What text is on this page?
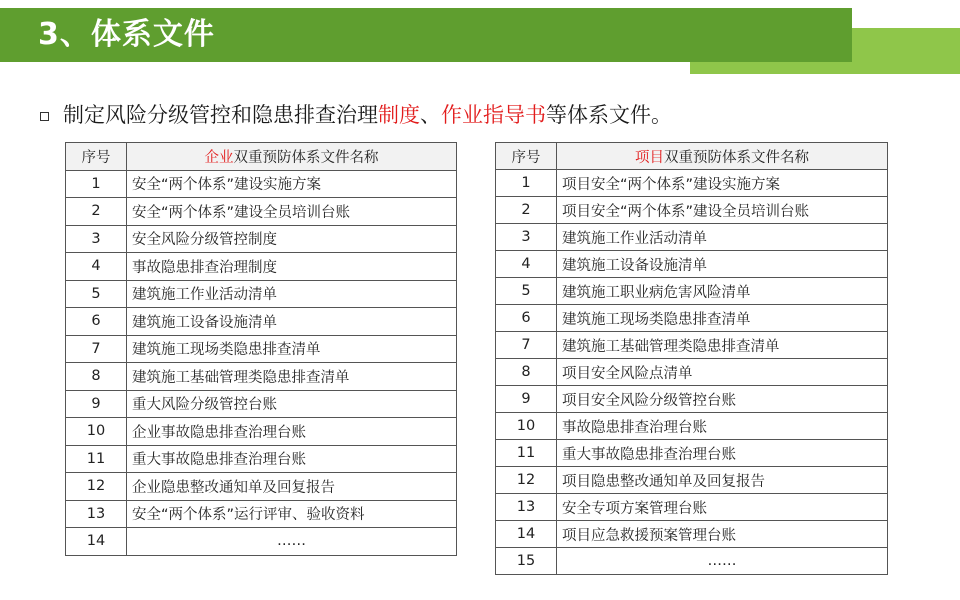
3、体系文件
制定风险分级管控和隐患排查治理 制度 、 作业指导书 等体系文件。
序号	企业双重预防体系文件名称
1	安全“两个体系”建设实施方案
2	安全“两个体系”建设全员培训台账
3	安全风险分级管控制度
4	事故隐患排查治理制度
5	建筑施工作业活动清单
6	建筑施工设备设施清单
7	建筑施工现场类隐患排查清单
8	建筑施工基础管理类隐患排查清单
9	重大风险分级管控台账
10	企业事故隐患排查治理台账
11	重大事故隐患排查治理台账
12	企业隐患整改通知单及回复报告
13	安全“两个体系”运行评审、验收资料
14	……
序号	项目双重预防体系文件名称
1	项目安全“两个体系”建设实施方案
2	项目安全“两个体系”建设全员培训台账
3	建筑施工作业活动清单
4	建筑施工设备设施清单
5	建筑施工职业病危害风险清单
6	建筑施工现场类隐患排查清单
7	建筑施工基础管理类隐患排查清单
8	项目安全风险点清单
9	项目安全风险分级管控台账
10	事故隐患排查治理台账
11	重大事故隐患排查治理台账
12	项目隐患整改通知单及回复报告
13	安全专项方案管理台账
14	项目应急救援预案管理台账
15	……
